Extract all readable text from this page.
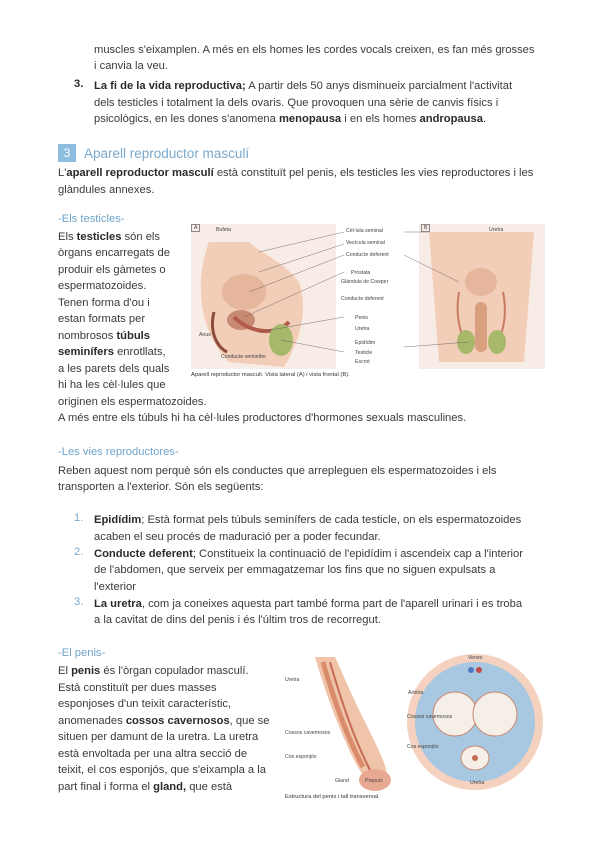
muscles s'eixamplen. A més en els homes les cordes vocals creixen, es fan més grosses
i canvia la veu.
3. La fi de la vida reproductiva; A partir dels 50 anys disminueix parcialment l'activitat
dels testicles i totalment la dels ovaris. Que provoquen una sèrie de canvis físics i
psicològics, en les dones s'anomena menopausa i en els homes andropausa.
3	Aparell reproductor masculí
L'aparell reproductor masculí està constituït pel penis, els testicles les vies reproductores i les
glàndules annexes.
-Els testicles-
Els testicles són els
òrgans encarregats de
produir els gàmetes o
espermatozoides.
Tenen forma d'ou i
estan formats per
nombrosos túbuls
seminífers enrotllats,
a les parets dels quals
hi ha les cèl·lules que
originen els espermatozoides.
A més entre els túbuls hi ha cèl·lules productores d'hormones sexuals masculines.
A	B
Bufeta
Anus
Conducte seminífer
Cèl·lula seminal
Vesícula seminal
Conducte deferent
Pròstata
Glàndula de Cowper
Conducte deferent
Penis
Uretra
Epidídim
Testicle
Escrot
Uretra
Aparell reproductor masculí. Vista lateral (A) i vista frontal (B).
-Les vies reproductores-
Reben aquest nom perquè són els conductes que arrepleguen els espermatozoides i els
transporten a l'exterior. Són els següents:
1. Epidídim; Està format pels túbuls seminífers de cada testicle, on els espermatozoides
acaben el seu procés de maduració per a poder fecundar.
2. Conducte deferent; Constitueix la continuació de l'epidídim i ascendeix cap a l'interior
de l'abdomen, que serveix per emmagatzemar los fins que no siguen expulsats a
l'exterior
3. La uretra, com ja coneixes aquesta part també forma part de l'aparell urinari i es troba
a la cavitat de dins del penis i és l'últim tros de recorregut.
-El penis-
El penis és l'òrgan copulador masculí.
Està constituït per dues masses
esponjoses d'un teixit característic,
anomenades cossos cavernosos, que se
situen per damunt de la uretra. La uretra
està envoltada per una altra secció de
teixit, el cos esponjós, que s'eixampla a la
part final i forma el gland, que està
Uretra
Cossos cavernosos
Cos esponjós
Gland	Prepuci
Venes
Artèria
Cossos cavernosos
Cos esponjós
Uretra
Estructura del penis i tall transversal.
